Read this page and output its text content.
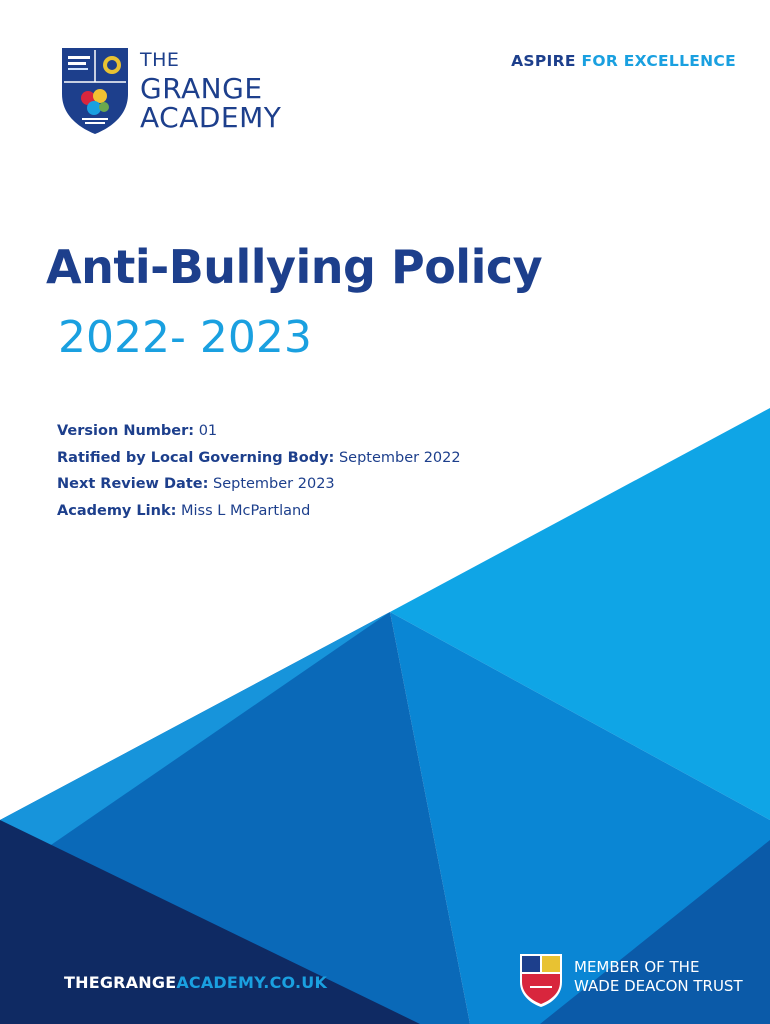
THE
GRANGE
ACADEMY
ASPIRE FOR EXCELLENCE
Anti-Bullying Policy
2022- 2023
Version Number: 01
Ratified by Local Governing Body: September 2022
Next Review Date: September 2023
Academy Link: Miss L McPartland
THEGRANGEACADEMY.CO.UK
MEMBER OF THE
WADE DEACON TRUST
